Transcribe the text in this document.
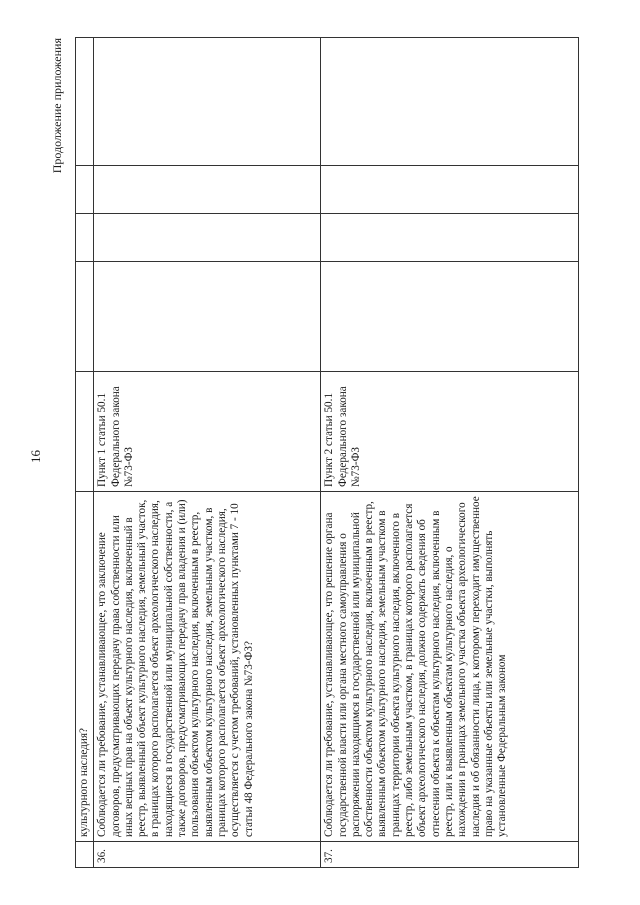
16
Продолжение приложения
	культурного наследия?					
36.	Соблюдается ли требование, устанавливающее, что заключение договоров, предусматривающих передачу права собственности или иных вещных прав на объект культурного наследия, включенный в реестр, выявленный объект культурного наследия, земельный участок, в границах которого располагается объект археологического наследия, находящиеся в государственной или муниципальной собственности, а также договоров, предусматривающих передачу прав владения и (или) пользования объектом культурного наследия, включенным в реестр, выявленным объектом культурного наследия, земельным участком, в границах которого располагается объект археологического наследия, осуществляется с учетом требований, установленных пунктами 7 - 10 статьи 48 Федерального закона №73-ФЗ?	Пункт 1 статьи 50.1 Федерального закона №73-ФЗ				
37.	Соблюдается ли требование, устанавливающее, что решение органа государственной власти или органа местного самоуправления о распоряжении находящимся в государственной или муниципальной собственности объектом культурного наследия, включенным в реестр, выявленным объектом культурного наследия, земельным участком в границах территории объекта культурного наследия, включенного в реестр, либо земельным участком, в границах которого располагается объект археологического наследия, должно содержать сведения об отнесении объекта к объектам культурного наследия, включенным в реестр, или к выявленным объектам культурного наследия, о нахождении в границах земельного участка объекта археологического наследия и об обязанности лица, к которому переходит имущественное право на указанные объекты или земельные участки, выполнять установленные Федеральным законом	Пункт 2 статьи 50.1 Федерального закона №73-ФЗ				
